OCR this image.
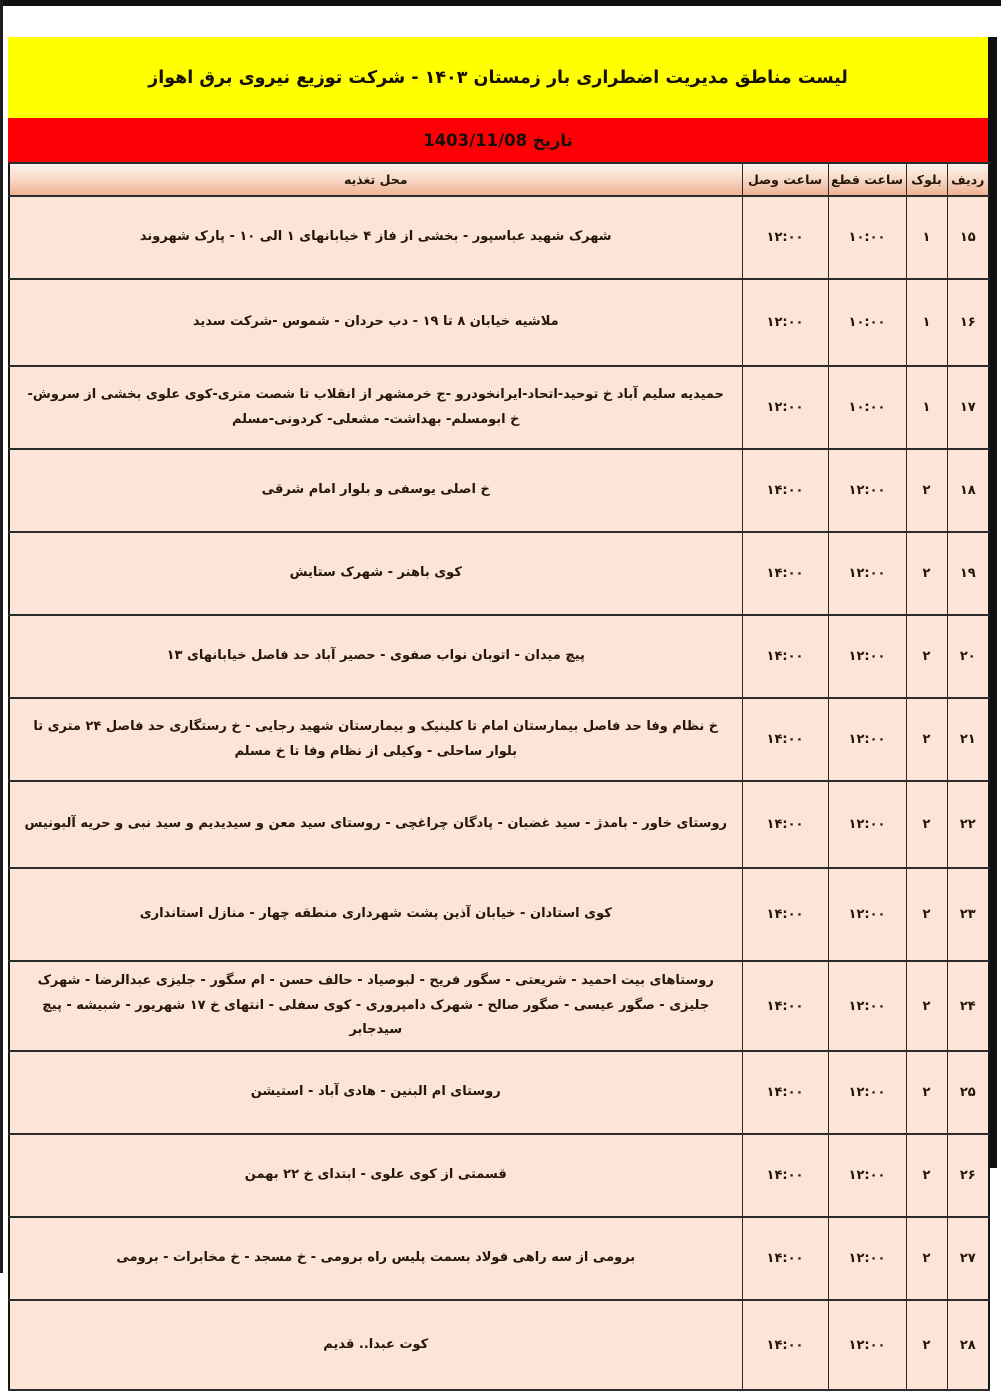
لیست مناطق مدیریت اضطراری بار زمستان ۱۴۰۳ - شرکت توزیع نیروی برق اهواز
تاریخ 1403/11/08
ردیف	بلوک	ساعت قطع	ساعت وصل	محل تغذیه
۱۵	۱	۱۰:۰۰	۱۲:۰۰	شهرک شهید عباسپور - بخشی از فاز ۴ خیابانهای ۱ الی ۱۰ - پارک شهروند
۱۶	۱	۱۰:۰۰	۱۲:۰۰	ملاشیه خیابان ۸ تا ۱۹ - دب حردان - شموس -شرکت سدید
۱۷	۱	۱۰:۰۰	۱۲:۰۰	حمیدیه سلیم آباد خ توحید-اتحاد-ایرانخودرو -ج خرمشهر از انقلاب تا شصت متری-کوی علوی بخشی از سروش-خ ابومسلم- بهداشت- مشعلی- کردونی-مسلم
۱۸	۲	۱۲:۰۰	۱۴:۰۰	خ اصلی یوسفی و بلوار امام شرقی
۱۹	۲	۱۲:۰۰	۱۴:۰۰	کوی باهنر - شهرک ستایش
۲۰	۲	۱۲:۰۰	۱۴:۰۰	پیچ میدان - اتوبان نواب صفوی - حصیر آباد حد فاصل خیابانهای ۱۳
۲۱	۲	۱۲:۰۰	۱۴:۰۰	خ نظام وفا حد فاصل بیمارستان امام تا کلینیک و بیمارستان شهید رجایی - خ رستگاری حد فاصل ۲۴ متری تا بلوار ساحلی - وکیلی از نظام وفا تا خ مسلم
۲۲	۲	۱۲:۰۰	۱۴:۰۰	روستای خاور - بامدژ - سید غضبان - پادگان چراغچی - روستای سید معن و سیدیدیم و سید نبی و حریه آلبونیس
۲۳	۲	۱۲:۰۰	۱۴:۰۰	کوی استادان - خیابان آذین پشت شهرداری منطقه چهار - منازل استانداری
۲۴	۲	۱۲:۰۰	۱۴:۰۰	روستاهای بیت احمید - شریعتی - سگور فریح - لبوصیاد - حالف حسن - ام سگور - جلیزی عبدالرضا - شهرک جلیزی - صگور عیسی - صگور صالح - شهرک دامپروری - کوی سفلی - انتهای خ ۱۷ شهریور - شبیشه - پیچ سیدجابر
۲۵	۲	۱۲:۰۰	۱۴:۰۰	روستای ام البنین - هادی آباد - استیشن
۲۶	۲	۱۲:۰۰	۱۴:۰۰	قسمتی از کوی علوی - ابتدای خ ۲۲ بهمن
۲۷	۲	۱۲:۰۰	۱۴:۰۰	برومی از سه راهی فولاد بسمت پلیس راه برومی - خ مسجد - خ مخابرات - برومی
۲۸	۲	۱۲:۰۰	۱۴:۰۰	کوت عبدا.. قدیم
